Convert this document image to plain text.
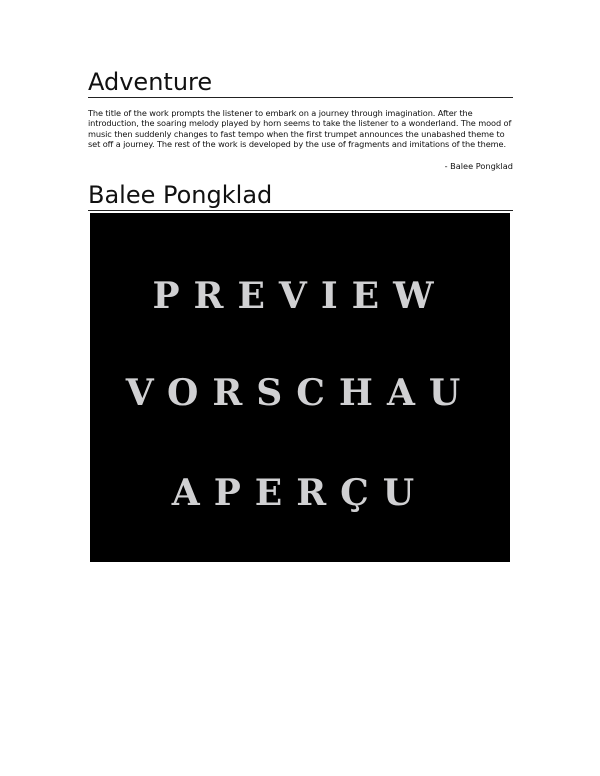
Adventure

The title of the work prompts the listener to embark on a journey through imagination. After the introduction, the soaring melody played by horn seems to take the listener to a wonderland. The mood of music then suddenly changes to fast tempo when the first trumpet announces the unabashed theme to set off a journey. The rest of the work is developed by the use of fragments and imitations of the theme.

- Balee Pongklad
Balee Pongklad
PREVIEW
VORSCHAU
APERÇU
